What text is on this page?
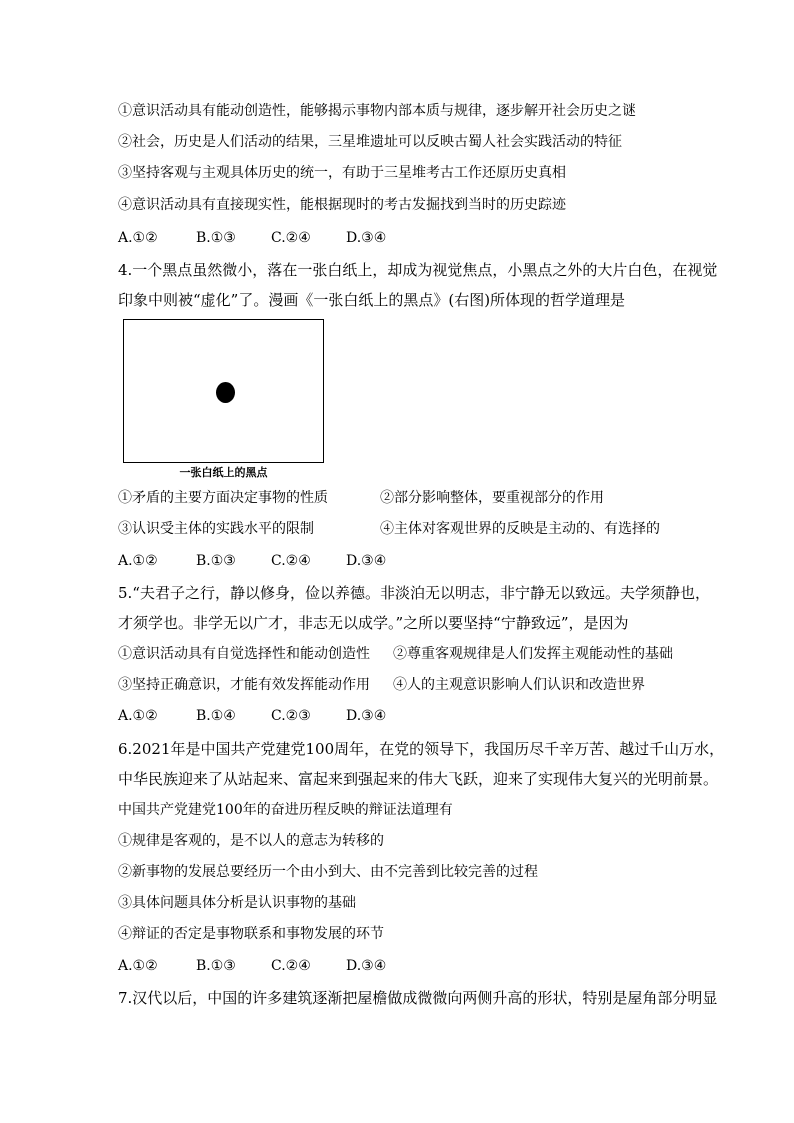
①意识活动具有能动创造性，能够揭示事物内部本质与规律，逐步解开社会历史之谜
②社会，历史是人们活动的结果，三星堆遗址可以反映古蜀人社会实践活动的特征
③坚持客观与主观具体历史的统一，有助于三星堆考古工作还原历史真相
④意识活动具有直接现实性，能根据现时的考古发掘找到当时的历史踪迹
A.①②	B.①③	C.②④	D.③④
4.一个黑点虽然微小，落在一张白纸上，却成为视觉焦点，小黑点之外的大片白色，在视觉
印象中则被“虚化”了。漫画《一张白纸上的黑点》(右图)所体现的哲学道理是
一张白纸上的黑点
①矛盾的主要方面决定事物的性质	②部分影响整体，要重视部分的作用
③认识受主体的实践水平的限制	④主体对客观世界的反映是主动的、有选择的
A.①②	B.①③	C.②④	D.③④
5.“夫君子之行，静以修身，俭以养德。非淡泊无以明志，非宁静无以致远。夫学须静也，
才须学也。非学无以广才，非志无以成学。”之所以要坚持“宁静致远”，是因为
①意识活动具有自觉选择性和能动创造性 ②尊重客观规律是人们发挥主观能动性的基础
③坚持正确意识，才能有效发挥能动作用 ④人的主观意识影响人们认识和改造世界
A.①②	B.①④	C.②③	D.③④
6.2021年是中国共产党建党100周年，在党的领导下，我国历尽千辛万苦、越过千山万水，
中华民族迎来了从站起来、富起来到强起来的伟大飞跃，迎来了实现伟大复兴的光明前景。
中国共产党建党100年的奋进历程反映的辩证法道理有
①规律是客观的，是不以人的意志为转移的
②新事物的发展总要经历一个由小到大、由不完善到比较完善的过程
③具体问题具体分析是认识事物的基础
④辩证的否定是事物联系和事物发展的环节
A.①②	B.①③	C.②④	D.③④
7.汉代以后，中国的许多建筑逐渐把屋檐做成微微向两侧升高的形状，特别是屋角部分明显
